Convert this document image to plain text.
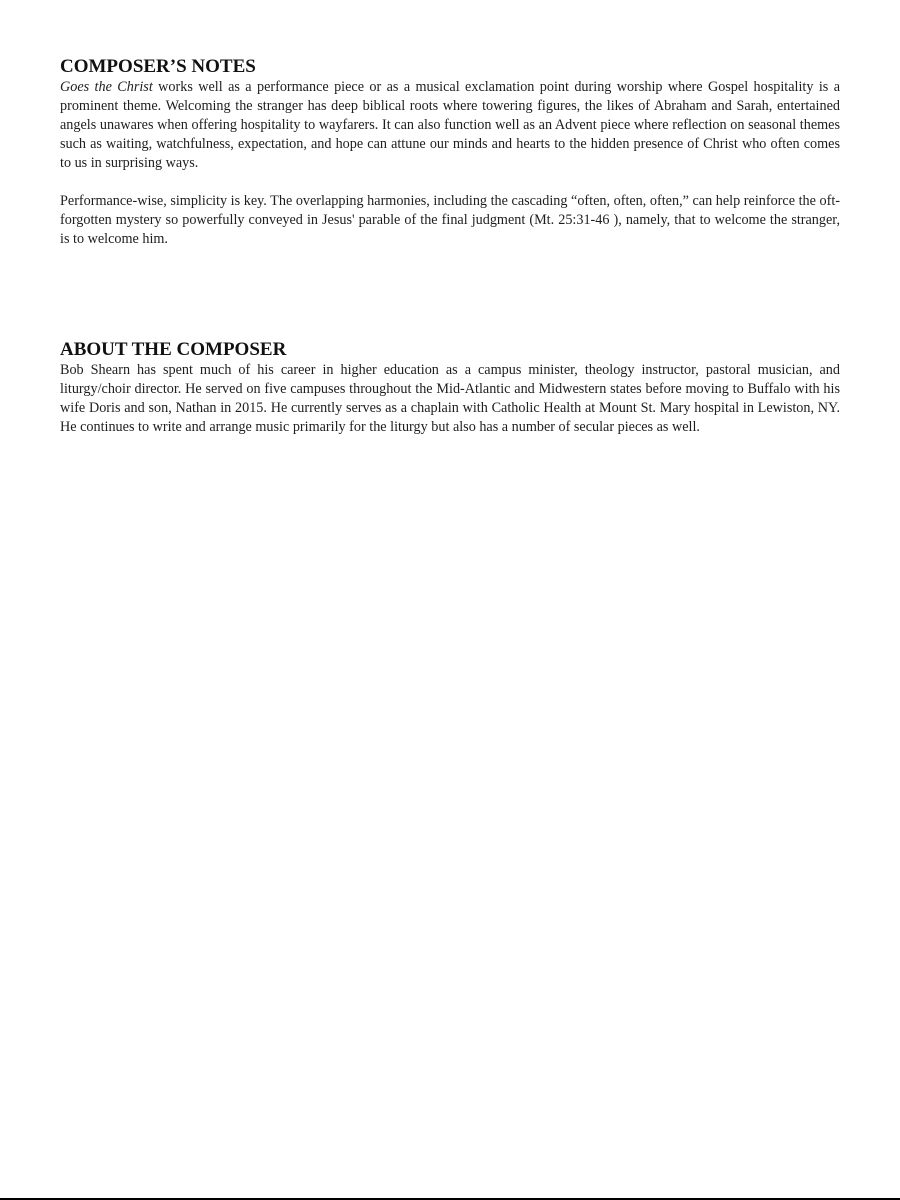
COMPOSER’S NOTES

Goes the Christ works well as a performance piece or as a musical exclamation point during worship where Gospel hospitality is a prominent theme. Welcoming the stranger has deep biblical roots where towering figures, the likes of Abraham and Sarah, entertained angels unawares when offering hospitality to wayfarers. It can also function well as an Advent piece where reflection on seasonal themes such as waiting, watchfulness, expectation, and hope can attune our minds and hearts to the hidden presence of Christ who often comes to us in surprising ways.

Performance-wise, simplicity is key. The overlapping harmonies, including the cascading “often, often, often,” can help reinforce the oft-forgotten mystery so powerfully conveyed in Jesus' parable of the final judgment (Mt. 25:31-46 ), namely, that to welcome the stranger, is to welcome him.

ABOUT THE COMPOSER

Bob Shearn has spent much of his career in higher education as a campus minister, theology instructor, pastoral musician, and liturgy/choir director. He served on five campuses throughout the Mid-Atlantic and Midwestern states before moving to Buffalo with his wife Doris and son, Nathan in 2015. He currently serves as a chaplain with Catholic Health at Mount St. Mary hospital in Lewiston, NY. He continues to write and arrange music primarily for the liturgy but also has a number of secular pieces as well.
